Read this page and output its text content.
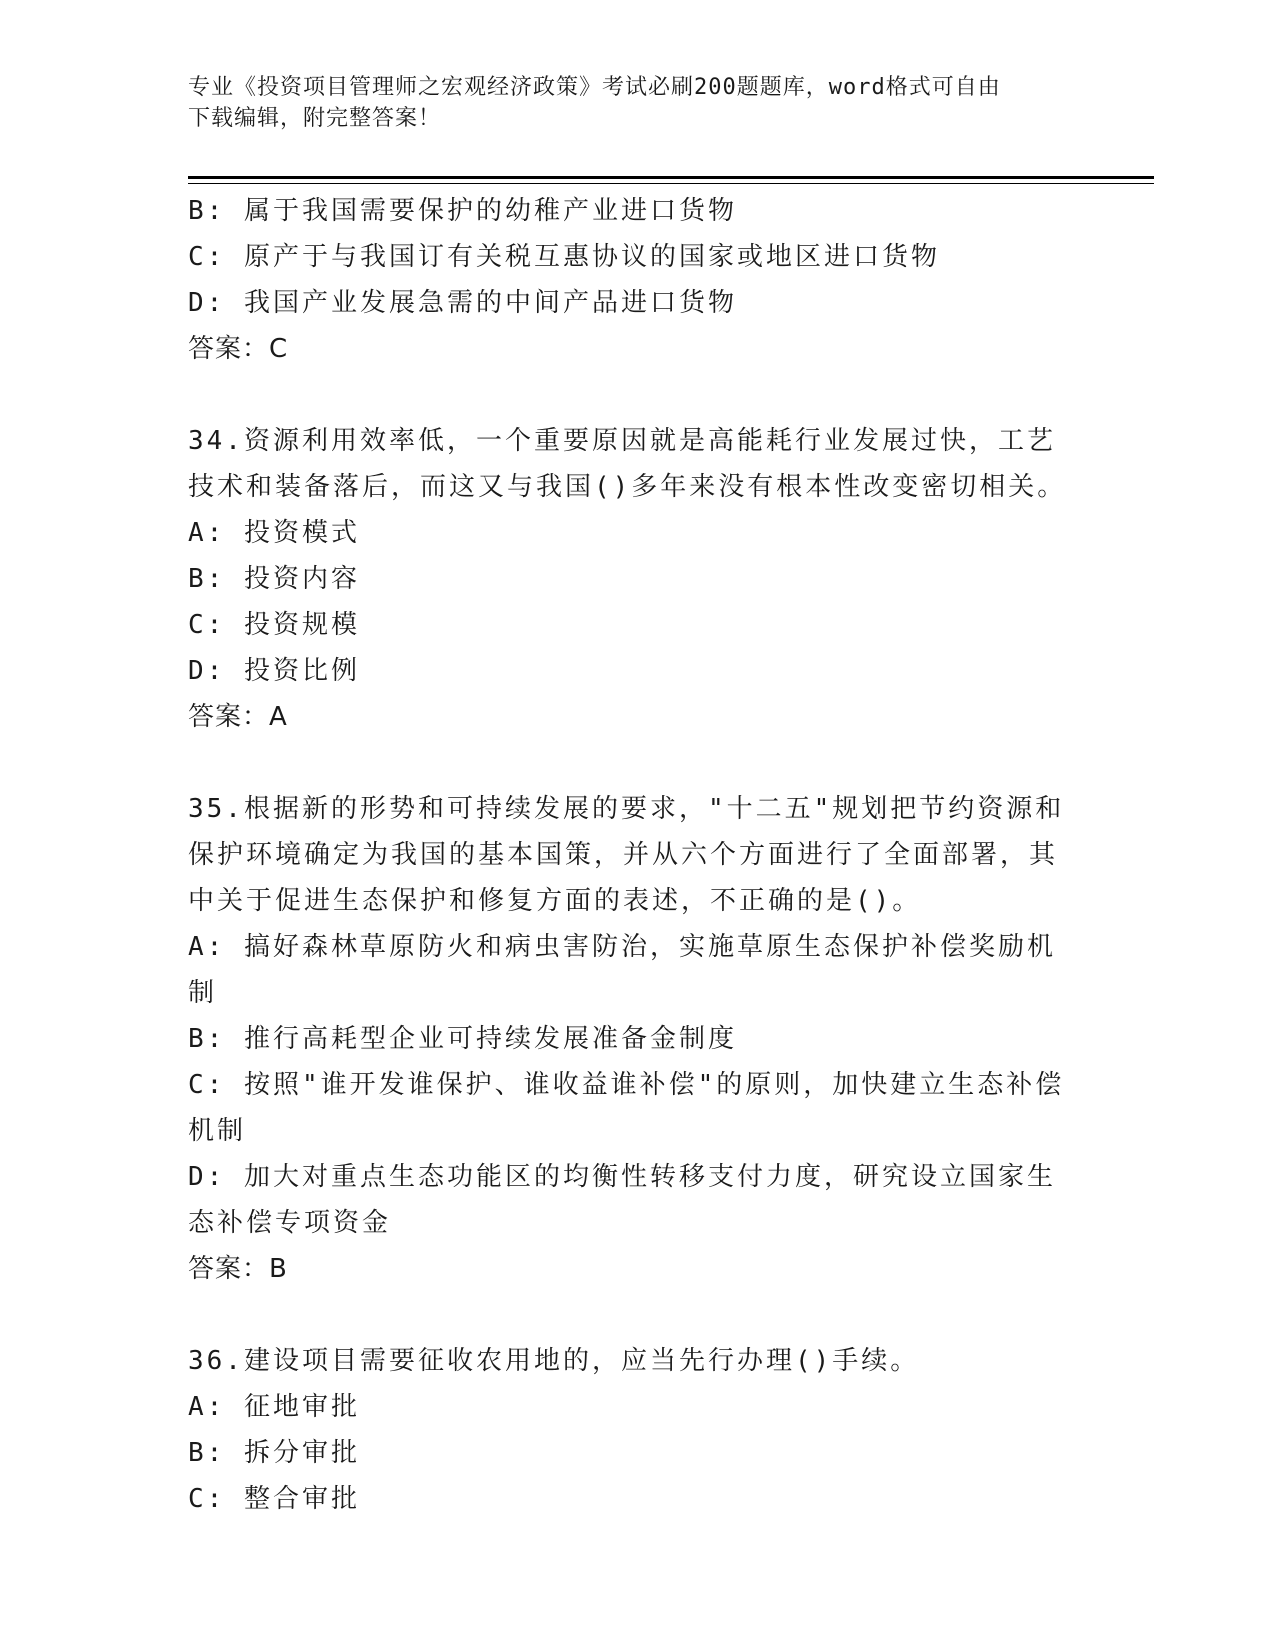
专业《投资项目管理师之宏观经济政策》考试必刷200题题库，word格式可自由
下载编辑，附完整答案！
B: 属于我国需要保护的幼稚产业进口货物
C: 原产于与我国订有关税互惠协议的国家或地区进口货物
D: 我国产业发展急需的中间产品进口货物
答案：C
34.资源利用效率低，一个重要原因就是高能耗行业发展过快，工艺技术和装备落后，而这又与我国()多年来没有根本性改变密切相关。
A: 投资模式
B: 投资内容
C: 投资规模
D: 投资比例
答案：A
35.根据新的形势和可持续发展的要求，"十二五"规划把节约资源和保护环境确定为我国的基本国策，并从六个方面进行了全面部署，其中关于促进生态保护和修复方面的表述，不正确的是()。
A: 搞好森林草原防火和病虫害防治，实施草原生态保护补偿奖励机制
B: 推行高耗型企业可持续发展准备金制度
C: 按照"谁开发谁保护、谁收益谁补偿"的原则，加快建立生态补偿机制
D: 加大对重点生态功能区的均衡性转移支付力度，研究设立国家生态补偿专项资金
答案：B
36.建设项目需要征收农用地的，应当先行办理()手续。
A: 征地审批
B: 拆分审批
C: 整合审批
